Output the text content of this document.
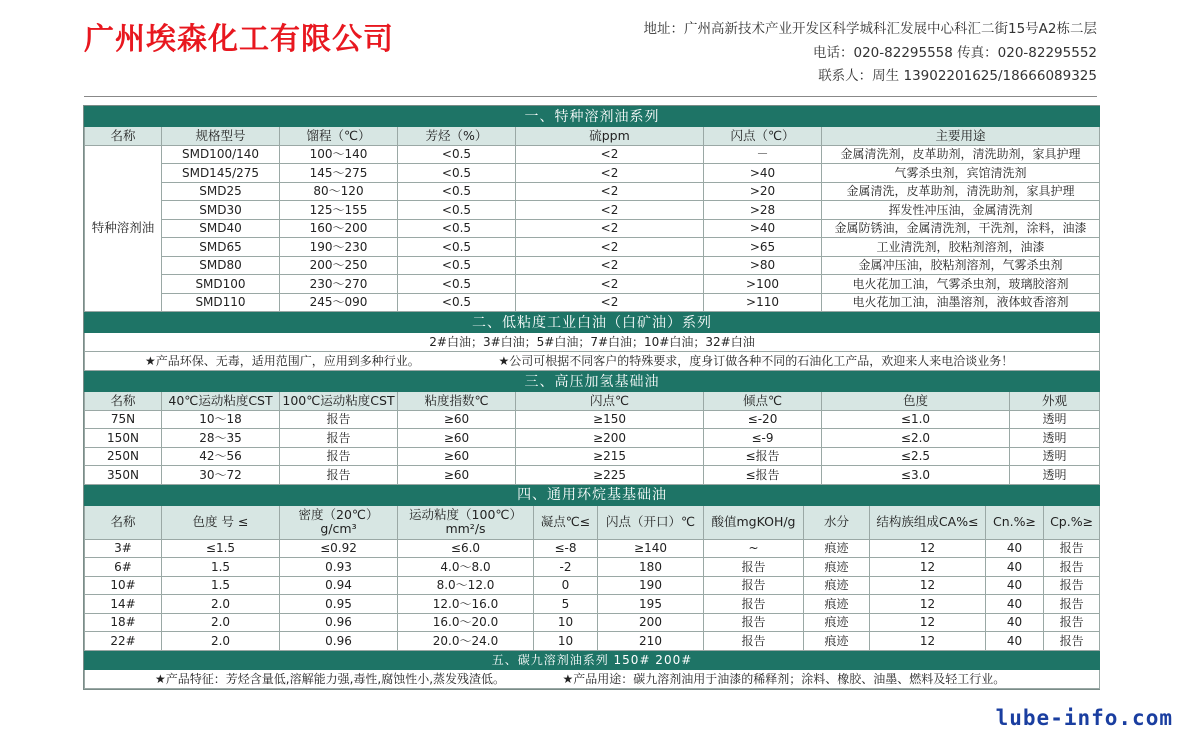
广州埃森化工有限公司	地址：广州高新技术产业开发区科学城科汇发展中心科汇二街15号A2栋二层
电话：020-82295558 传真：020-82295552
联系人：周生 13902201625/18666089325
一、特种溶剂油系列						
名称	规格型号	馏程（℃）	芳烃（%）	硫ppm	闪点（℃）	主要用途
特种溶剂油	SMD100/140	100～140	<0.5	<2	－	金属清洗剂，皮革助剂，清洗助剂，家具护理
	SMD145/275	145～275	<0.5	<2	>40	气雾杀虫剂，宾馆清洗剂
	SMD25	80～120	<0.5	<2	>20	金属清洗，皮革助剂，清洗助剂，家具护理
	SMD30	125～155	<0.5	<2	>28	挥发性冲压油，金属清洗剂
	SMD40	160～200	<0.5	<2	>40	金属防锈油，金属清洗剂，干洗剂，涂料，油漆
	SMD65	190～230	<0.5	<2	>65	工业清洗剂，胶粘剂溶剂，油漆
	SMD80	200～250	<0.5	<2	>80	金属冲压油，胶粘剂溶剂，气雾杀虫剂
	SMD100	230～270	<0.5	<2	>100	电火花加工油，气雾杀虫剂，玻璃胶溶剂
	SMD110	245～090	<0.5	<2	>110	电火花加工油，油墨溶剂，液体蚊香溶剂
二、低粘度工业白油（白矿油）系列
2#白油；3#白油；5#白油；7#白油；10#白油；32#白油
★产品环保、无毒，适用范围广，应用到多种行业。	★公司可根据不同客户的特殊要求，度身订做各种不同的石油化工产品，欢迎来人来电洽谈业务！
三、高压加氢基础油							
名称	40℃运动粘度CST	100℃运动粘度CST	粘度指数℃	闪点℃	倾点℃	色度	外观
75N	10～18	报告	≥60	≥150	≤-20	≤1.0	透明
150N	28～35	报告	≥60	≥200	≤-9	≤2.0	透明
250N	42～56	报告	≥60	≥215	≤报告	≤2.5	透明
350N	30～72	报告	≥60	≥225	≤报告	≤3.0	透明
四、通用环烷基基础油										
名称	色度 号 ≤	密度（20℃）g/cm³	运动粘度（100℃） mm²/s	凝点℃≤	闪点（开口）℃	酸值mgKOH/g	水分	结构族组成CA%≤	Cn.%≥	Cp.%≥
3#	≤1.5	≤0.92	≤6.0	≤-8	≥140	~	痕迹	12	40	报告
6#	1.5	0.93	4.0～8.0	-2	180	报告	痕迹	12	40	报告
10#	1.5	0.94	8.0～12.0	0	190	报告	痕迹	12	40	报告
14#	2.0	0.95	12.0～16.0	5	195	报告	痕迹	12	40	报告
18#	2.0	0.96	16.0～20.0	10	200	报告	痕迹	12	40	报告
22#	2.0	0.96	20.0～24.0	10	210	报告	痕迹	12	40	报告
五、碳九溶剂油系列 150# 200#
★产品特征：芳烃含量低,溶解能力强,毒性,腐蚀性小,蒸发残渣低。	★产品用途：碳九溶剂油用于油漆的稀释剂；涂料、橡胶、油墨、燃料及轻工行业。
lube-info.com
